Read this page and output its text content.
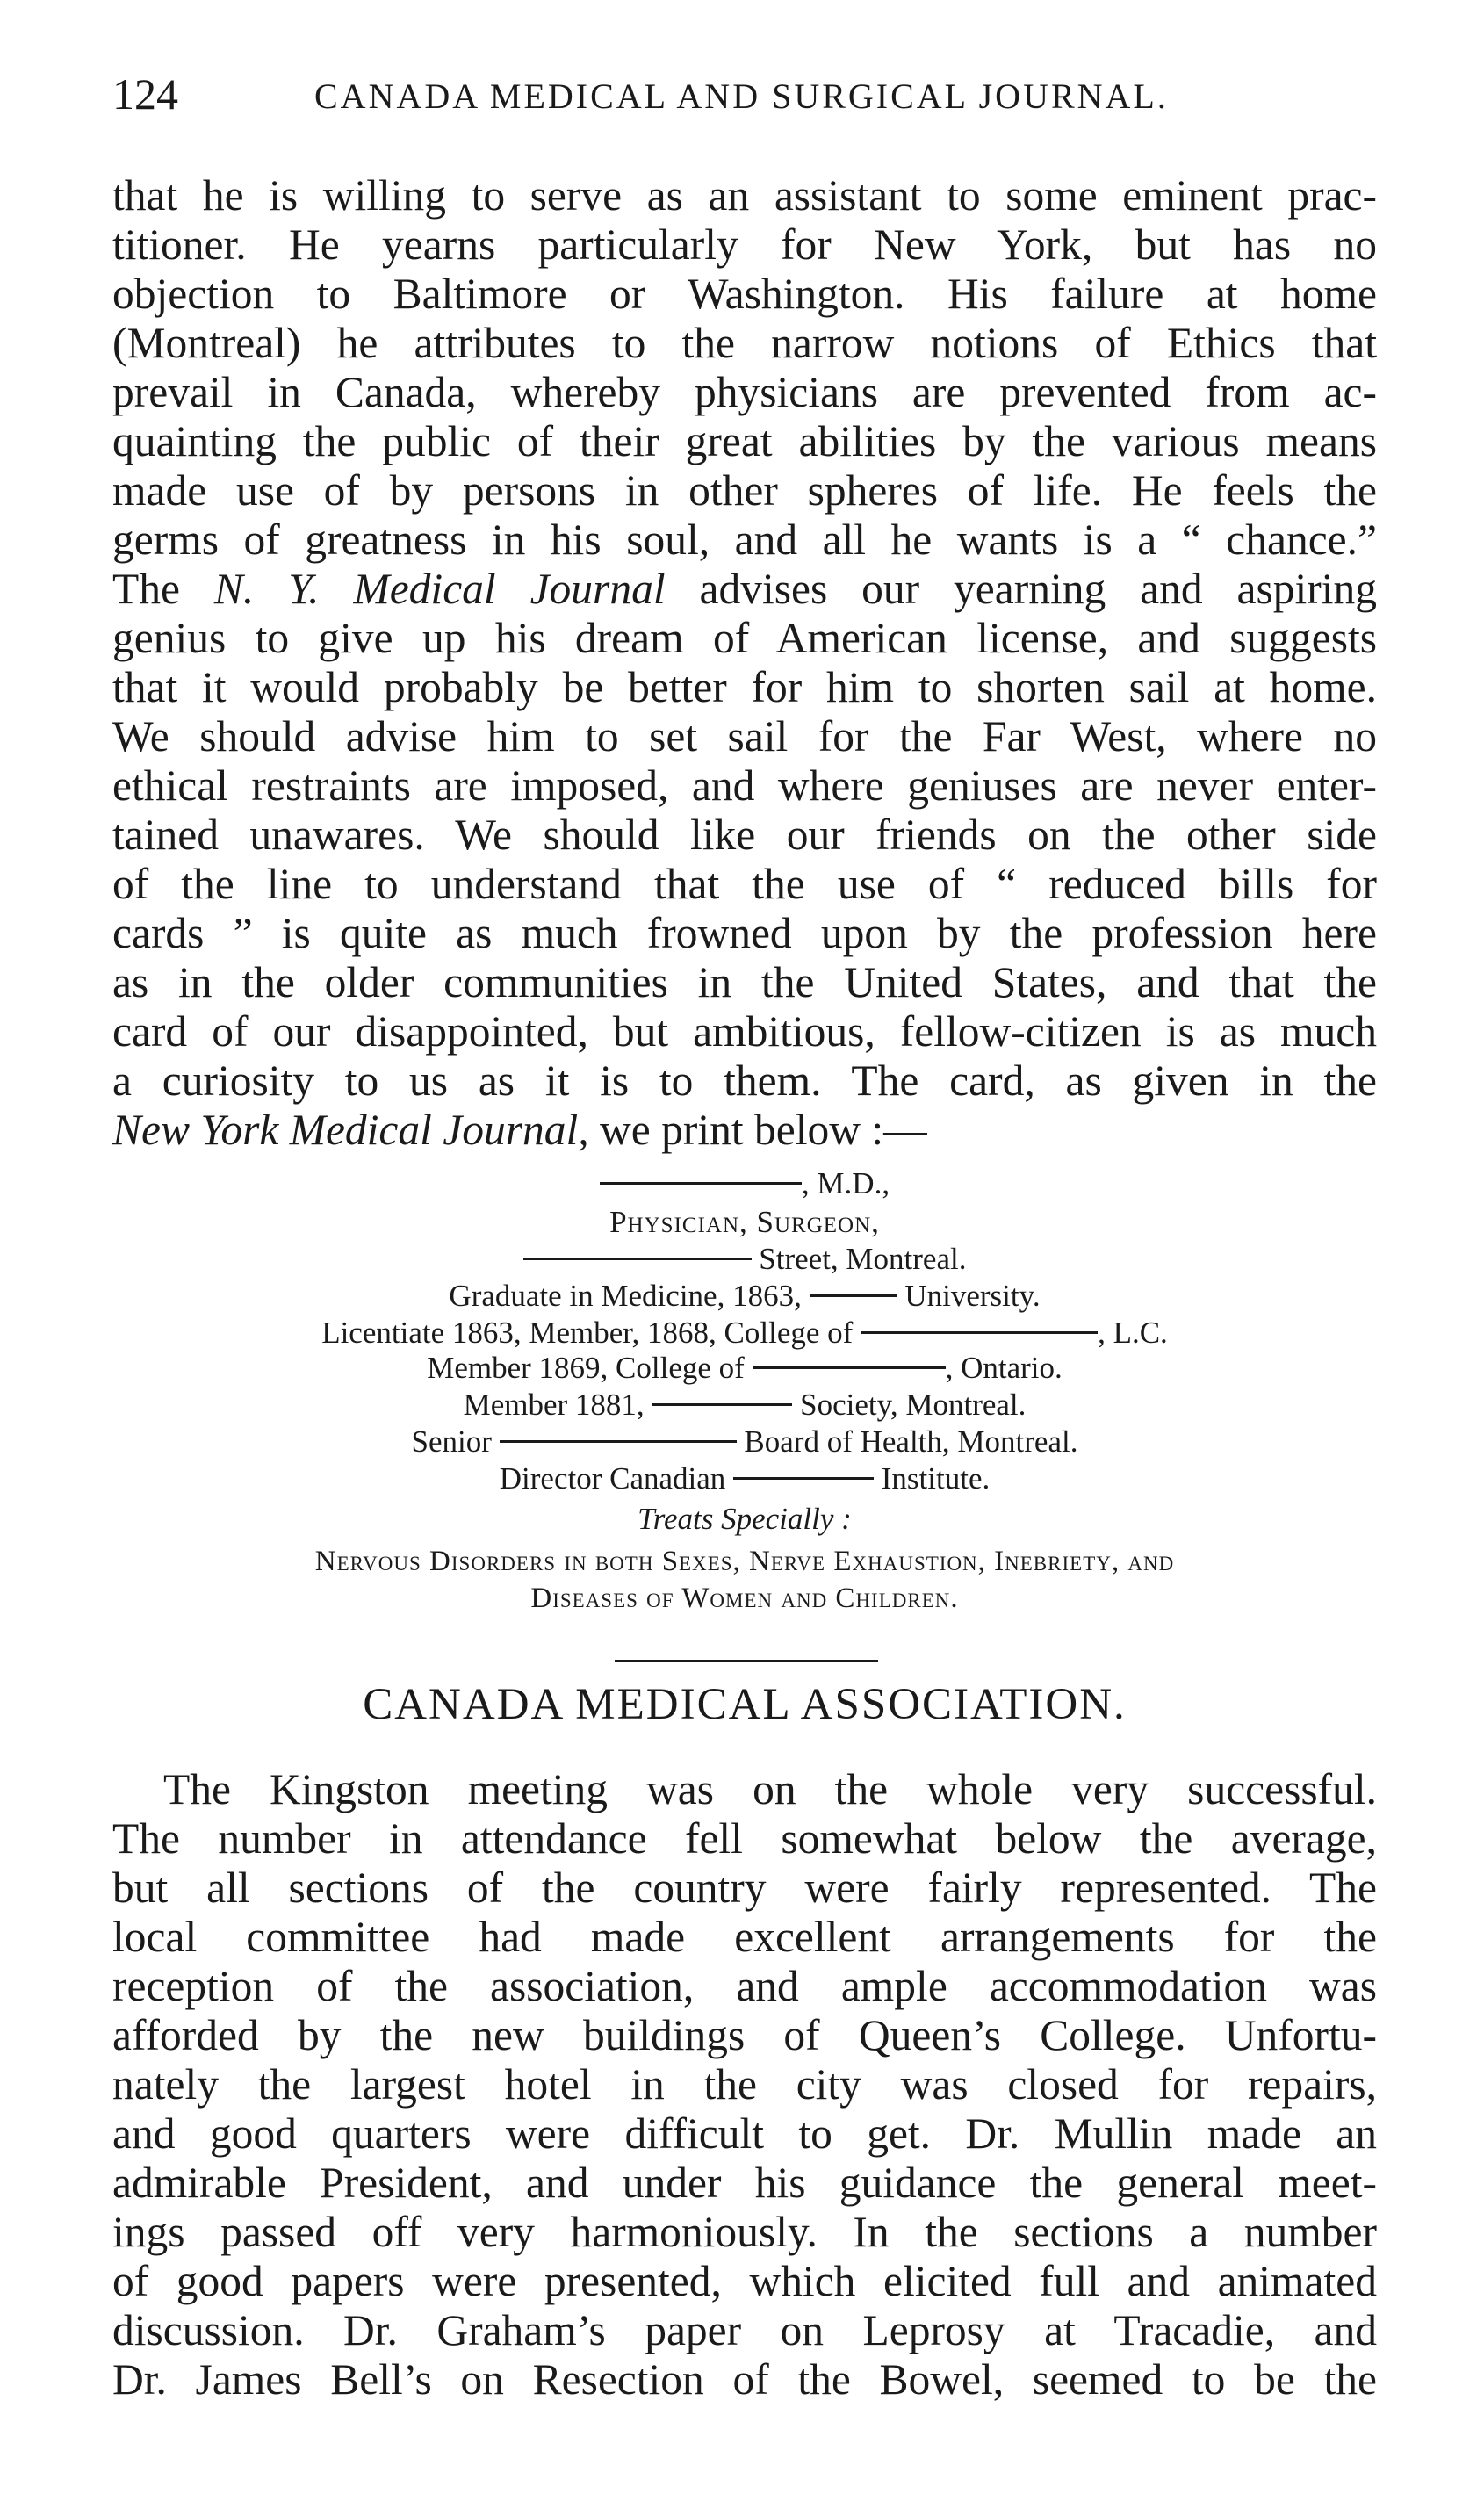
124	CANADA MEDICAL AND SURGICAL JOURNAL.
that he is willing to serve as an assistant to some eminent prac-
titioner. He yearns particularly for New York, but has no
objection to Baltimore or Washington. His failure at home
(Montreal) he attributes to the narrow notions of Ethics that
prevail in Canada, whereby physicians are prevented from ac-
quainting the public of their great abilities by the various means
made use of by persons in other spheres of life. He feels the
germs of greatness in his soul, and all he wants is a “ chance.”
The N. Y. Medical Journal advises our yearning and aspiring
genius to give up his dream of American license, and suggests
that it would probably be better for him to shorten sail at home.
We should advise him to set sail for the Far West, where no
ethical restraints are imposed, and where geniuses are never enter-
tained unawares. We should like our friends on the other side
of the line to understand that the use of “ reduced bills for
cards ” is quite as much frowned upon by the profession here
as in the older communities in the United States, and that the
card of our disappointed, but ambitious, fellow-citizen is as much
a curiosity to us as it is to them. The card, as given in the
New York Medical Journal, we print below :—
, M.D.,
Physician, Surgeon,
Street, Montreal.
Graduate in Medicine, 1863,	University.
Licentiate 1863, Member, 1868, College of	, L.C.
Member 1869, College of	, Ontario.
Member 1881,	Society, Montreal.
Senior	Board of Health, Montreal.
Director Canadian	Institute.
Treats Specially :
Nervous Disorders in both Sexes, Nerve Exhaustion, Inebriety, and
Diseases of Women and Children.
CANADA MEDICAL ASSOCIATION.
The Kingston meeting was on the whole very successful.
The number in attendance fell somewhat below the average,
but all sections of the country were fairly represented. The
local committee had made excellent arrangements for the
reception of the association, and ample accommodation was
afforded by the new buildings of Queen’s College. Unfortu-
nately the largest hotel in the city was closed for repairs,
and good quarters were difficult to get. Dr. Mullin made an
admirable President, and under his guidance the general meet-
ings passed off very harmoniously. In the sections a number
of good papers were presented, which elicited full and animated
discussion. Dr. Graham’s paper on Leprosy at Tracadie, and
Dr. James Bell’s on Resection of the Bowel, seemed to be the
